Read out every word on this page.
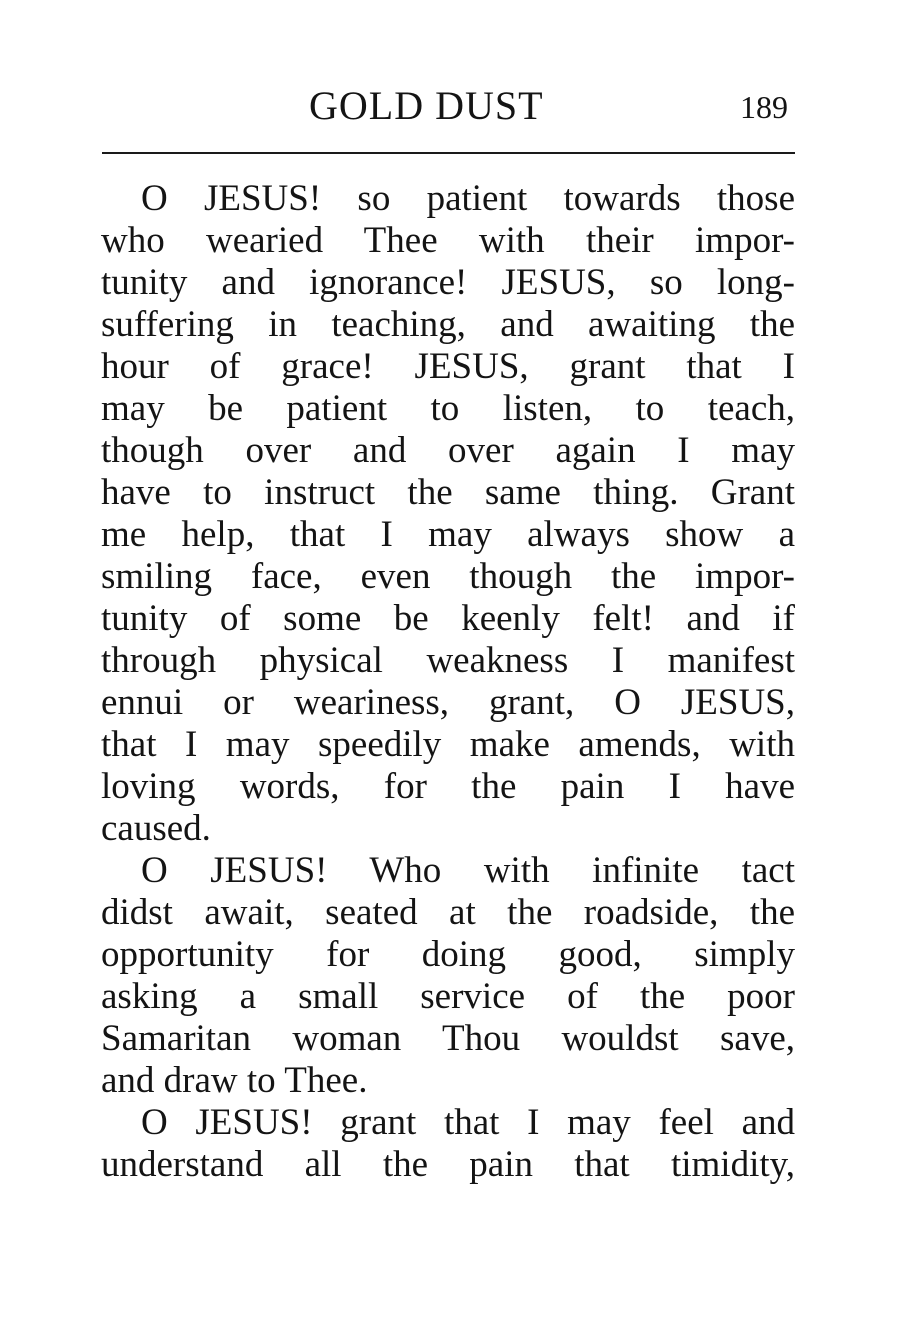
GOLD DUST	189
O JESUS! so patient towards those
who wearied Thee with their impor-
tunity and ignorance! JESUS, so long-
suffering in teaching, and awaiting the
hour of grace! JESUS, grant that I
may be patient to listen, to teach,
though over and over again I may
have to instruct the same thing. Grant
me help, that I may always show a
smiling face, even though the impor-
tunity of some be keenly felt! and if
through physical weakness I manifest
ennui or weariness, grant, O JESUS,
that I may speedily make amends, with
loving words, for the pain I have
caused.
O JESUS! Who with infinite tact
didst await, seated at the roadside, the
opportunity for doing good, simply
asking a small service of the poor
Samaritan woman Thou wouldst save,
and draw to Thee.
O JESUS! grant that I may feel and
understand all the pain that timidity,
